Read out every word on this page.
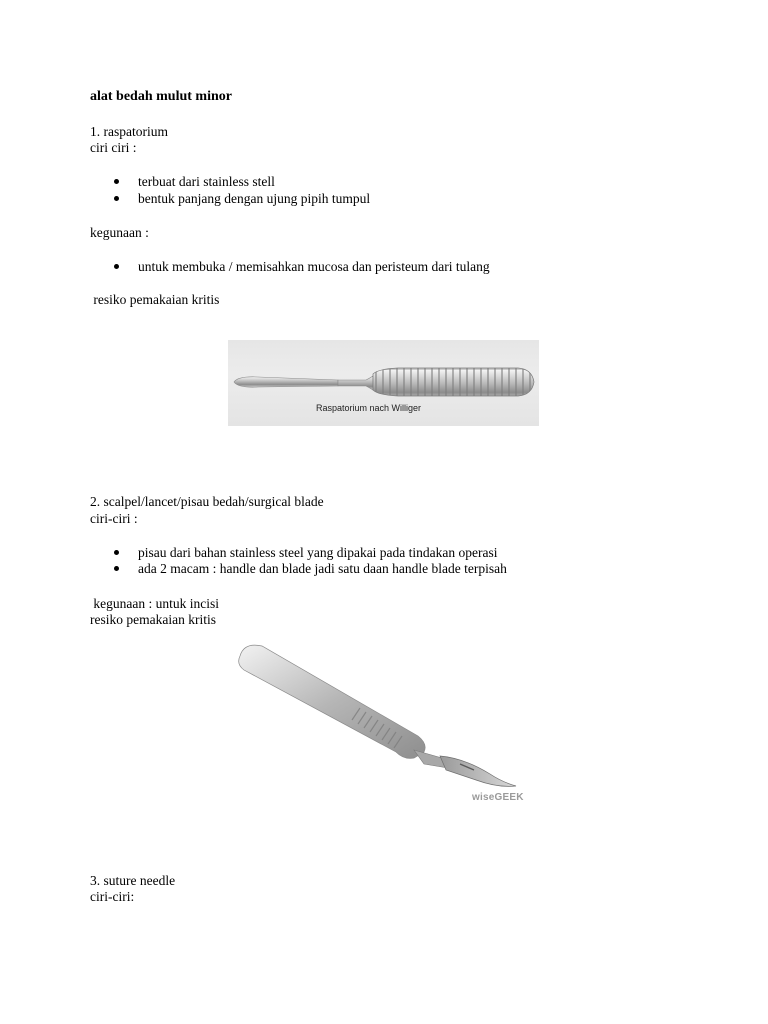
alat bedah mulut minor
1. raspatorium
ciri ciri :
terbuat dari stainless stell
bentuk panjang dengan ujung pipih tumpul
kegunaan :
untuk membuka / memisahkan mucosa dan peristeum dari tulang
resiko pemakaian kritis
Raspatorium nach Williger
2. scalpel/lancet/pisau bedah/surgical blade
ciri-ciri :
pisau dari bahan stainless steel yang dipakai pada tindakan operasi
ada 2 macam : handle dan blade jadi satu daan handle blade terpisah
kegunaan : untuk incisi
resiko pemakaian kritis
wiseGEEK
3. suture needle
ciri-ciri:
